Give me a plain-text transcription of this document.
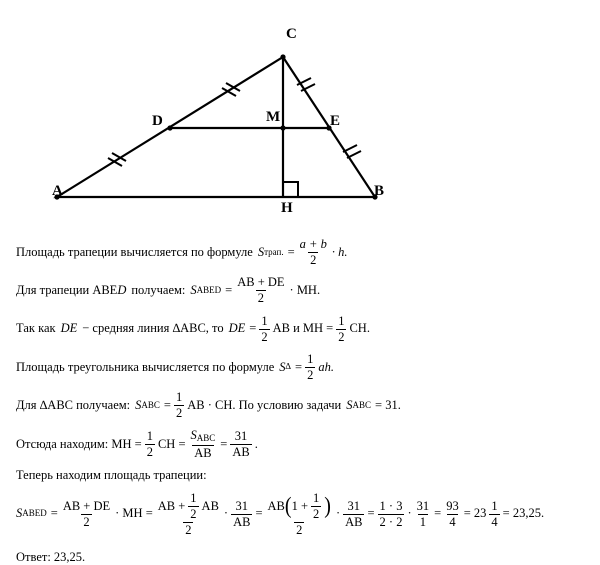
A	B
C
D	E
M
H
Площадь трапеции вычисляется по формуле S трап. = $\frac{a + b}{2} \cdot h$.
Для трапеции АВЕ D получаем: S АВЕD = $\frac{AB + DE}{2}$ · МН.
Так как DE − средняя линия ∆АВС, то DE = $\frac{1}{2}$ АВ и МН = $\frac{1}{2}$ СН.
Площадь треугольника вычисляется по формуле S ∆ = $\frac{1}{2}$ ah.
Для ∆АВС получаем: S АВС = $\frac{1}{2}$ АВ · СН. По условию задачи S АВС = 31.
Отсюда находим: МН = $\frac{1}{2}$ СН = $\frac{S_{АВС}}{АВ} = \frac{31}{АВ}$ .
Теперь находим площадь трапеции:
S АВЕD = $\frac{AB + DE}{2}$ · МН =
AB + $\frac{1}{2}$ AB
2
· $\frac{31}{AB}$ =
AB ( $1 + \frac{1}{2}$ )
2
· $\frac{31}{AB} = \frac{1 \cdot 3}{2 \cdot 2} \cdot \frac{31}{1} = \frac{93}{4} = 23 \frac{1}{4} = 23,25$.
Ответ: 23,25.
